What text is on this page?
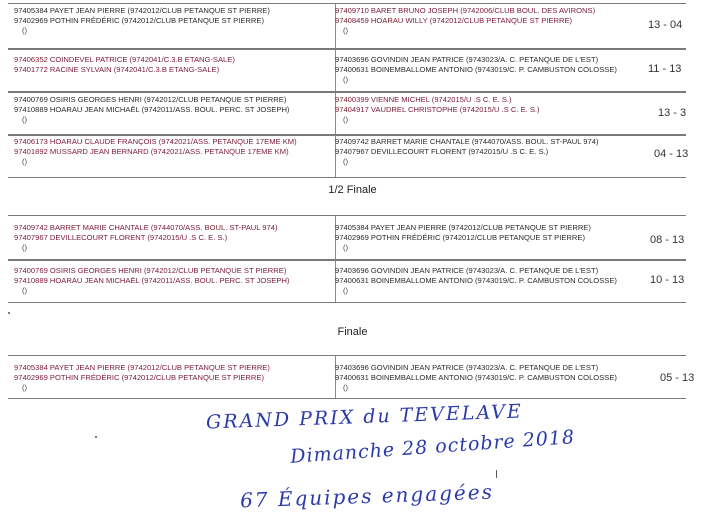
97405384 PAYET JEAN PIERRE (9742012/CLUB PETANQUE ST PIERRE)
97402969 POTHIN FRÉDÉRIC (9742012/CLUB PETANQUE ST PIERRE)
()
97409710 BARET BRUNO JOSEPH (9742006/CLUB BOUL. DES AVIRONS)
97408459 HOARAU WILLY (9742012/CLUB PETANQUE ST PIERRE)
()	13 - 04
97406352 COINDEVEL PATRICE (9742041/C.3.B ETANG-SALE)
97401772 RACINE SYLVAIN (9742041/C.3.B ETANG-SALE)
97403696 GOVINDIN JEAN PATRICE (9743023/A. C. PETANQUE DE L'EST)
97400631 BOINEMBALLOME ANTONIO (9743019/C. P. CAMBUSTON COLOSSE)
()
11 - 13
97400769 OSIRIS GEORGES HENRI (9742012/CLUB PETANQUE ST PIERRE)
97410889 HOARAU JEAN MICHAËL (9742011/ASS. BOUL. PERC. ST JOSEPH)
()
97400399 VIENNE MICHEL (9742015/U .S C. E. S.)
97404917 VAUDREL CHRISTOPHE (9742015/U .S C. E. S.)
()
13 - 3
97406173 HOARAU CLAUDE FRANÇOIS (9742021/ASS. PETANQUE 17EME KM)
97401892 MUSSARD JEAN BERNARD (9742021/ASS. PETANQUE 17EME KM)
()
97409742 BARRET MARIE CHANTALE (9744070/ASS. BOUL. ST-PAUL 974)
97407967 DEVILLECOURT FLORENT (9742015/U .S C. E. S.)
()
04 - 13
1/2 Finale
97409742 BARRET MARIE CHANTALE (9744070/ASS. BOUL. ST-PAUL 974)
97407967 DEVILLECOURT FLORENT (9742015/U .S C. E. S.)
()
97405384 PAYET JEAN PIERRE (9742012/CLUB PETANQUE ST PIERRE)
97402969 POTHIN FRÉDÉRIC (9742012/CLUB PETANQUE ST PIERRE)
()
08 - 13
97400769 OSIRIS GEORGES HENRI (9742012/CLUB PETANQUE ST PIERRE)
97410889 HOARAU JEAN MICHAËL (9742011/ASS. BOUL. PERC. ST JOSEPH)
()
97403696 GOVINDIN JEAN PATRICE (9743023/A. C. PETANQUE DE L'EST)
97400631 BOINEMBALLOME ANTONIO (9743019/C. P. CAMBUSTON COLOSSE)
()
10 - 13
Finale
97405384 PAYET JEAN PIERRE (9742012/CLUB PETANQUE ST PIERRE)
97402969 POTHIN FRÉDÉRIC (9742012/CLUB PETANQUE ST PIERRE)
()
97403696 GOVINDIN JEAN PATRICE (9743023/A. C. PETANQUE DE L'EST)
97400631 BOINEMBALLOME ANTONIO (9743019/C. P. CAMBUSTON COLOSSE)
()
05 - 13
GRAND PRIX du TEVELAVE
Dimanche 28 octobre 2018
67 Équipes engagées
